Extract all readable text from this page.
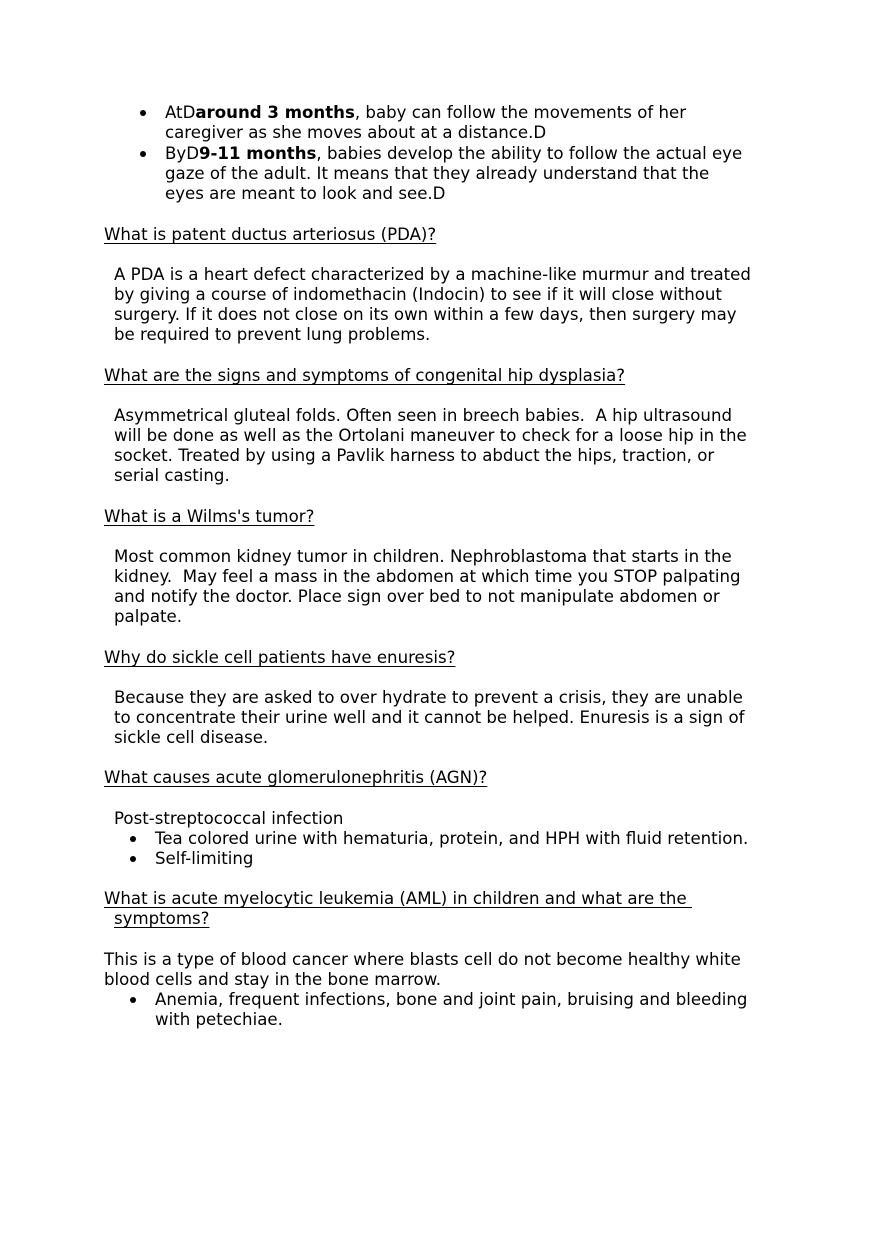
AtDaround 3 months, baby can follow the movements of her
caregiver as she moves about at a distance.D
ByD9-11 months, babies develop the ability to follow the actual eye
gaze of the adult. It means that they already understand that the
eyes are meant to look and see.D
What is patent ductus arteriosus (PDA)?
A PDA is a heart defect characterized by a machine-like murmur and treated
by giving a course of indomethacin (Indocin) to see if it will close without
surgery. If it does not close on its own within a few days, then surgery may
be required to prevent lung problems.
What are the signs and symptoms of congenital hip dysplasia?
Asymmetrical gluteal folds. Often seen in breech babies.  A hip ultrasound
will be done as well as the Ortolani maneuver to check for a loose hip in the
socket. Treated by using a Pavlik harness to abduct the hips, traction, or
serial casting.
What is a Wilms's tumor?
Most common kidney tumor in children. Nephroblastoma that starts in the
kidney.  May feel a mass in the abdomen at which time you STOP palpating
and notify the doctor. Place sign over bed to not manipulate abdomen or
palpate.
Why do sickle cell patients have enuresis?
Because they are asked to over hydrate to prevent a crisis, they are unable
to concentrate their urine well and it cannot be helped. Enuresis is a sign of
sickle cell disease.
What causes acute glomerulonephritis (AGN)?
Post-streptococcal infection
Tea colored urine with hematuria, protein, and HPH with fluid retention.
Self-limiting
What is acute myelocytic leukemia (AML) in children and what are the
symptoms?
This is a type of blood cancer where blasts cell do not become healthy white
blood cells and stay in the bone marrow.
Anemia, frequent infections, bone and joint pain, bruising and bleeding
with petechiae.
